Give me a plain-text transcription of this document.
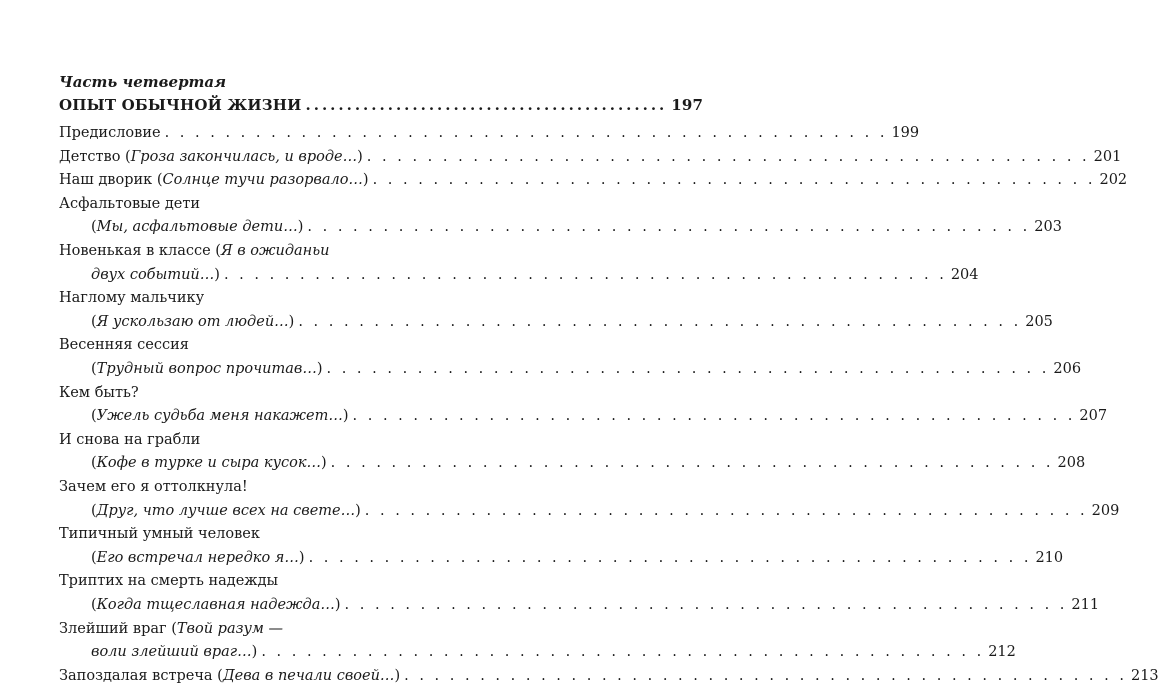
Часть четвертая
ОПЫТ ОБЫЧНОЙ ЖИЗНИ ............................................ 197
Предисловие . . . . . . . . . . . . . . . . . . . . . . . . . . . . . . . . . . . . . . . . . . . . . . . . 199
Детство (Гроза закончилась, и вроде…) . . . . . . . . . . . . . . . . . . . . . . . . . . . . . . . . . . . . . . . . . . . . . . . . 201
Наш дворик (Солнце тучи разорвало…) . . . . . . . . . . . . . . . . . . . . . . . . . . . . . . . . . . . . . . . . . . . . . . . . 202
Асфальтовые дети
(Мы, асфальтовые дети…) . . . . . . . . . . . . . . . . . . . . . . . . . . . . . . . . . . . . . . . . . . . . . . . . 203
Новенькая в классе (Я в ожиданьи
двух событий…) . . . . . . . . . . . . . . . . . . . . . . . . . . . . . . . . . . . . . . . . . . . . . . . . 204
Наглому мальчику
(Я ускользаю от людей…) . . . . . . . . . . . . . . . . . . . . . . . . . . . . . . . . . . . . . . . . . . . . . . . . 205
Весенняя сессия
(Трудный вопрос прочитав…) . . . . . . . . . . . . . . . . . . . . . . . . . . . . . . . . . . . . . . . . . . . . . . . . 206
Кем быть?
(Ужель судьба меня накажет…) . . . . . . . . . . . . . . . . . . . . . . . . . . . . . . . . . . . . . . . . . . . . . . . . 207
И снова на грабли
(Кофе в турке и сыра кусок…) . . . . . . . . . . . . . . . . . . . . . . . . . . . . . . . . . . . . . . . . . . . . . . . . 208
Зачем его я оттолкнула!
(Друг, что лучше всех на свете…) . . . . . . . . . . . . . . . . . . . . . . . . . . . . . . . . . . . . . . . . . . . . . . . . 209
Типичный умный человек
(Его встречал нередко я…) . . . . . . . . . . . . . . . . . . . . . . . . . . . . . . . . . . . . . . . . . . . . . . . . 210
Триптих на смерть надежды
(Когда тщеславная надежда…) . . . . . . . . . . . . . . . . . . . . . . . . . . . . . . . . . . . . . . . . . . . . . . . . 211
Злейший враг (Твой разум —
воли злейший враг…) . . . . . . . . . . . . . . . . . . . . . . . . . . . . . . . . . . . . . . . . . . . . . . . . 212
Запоздалая встреча (Дева в печали своей…) . . . . . . . . . . . . . . . . . . . . . . . . . . . . . . . . . . . . . . . . . . . . . . . . 213
